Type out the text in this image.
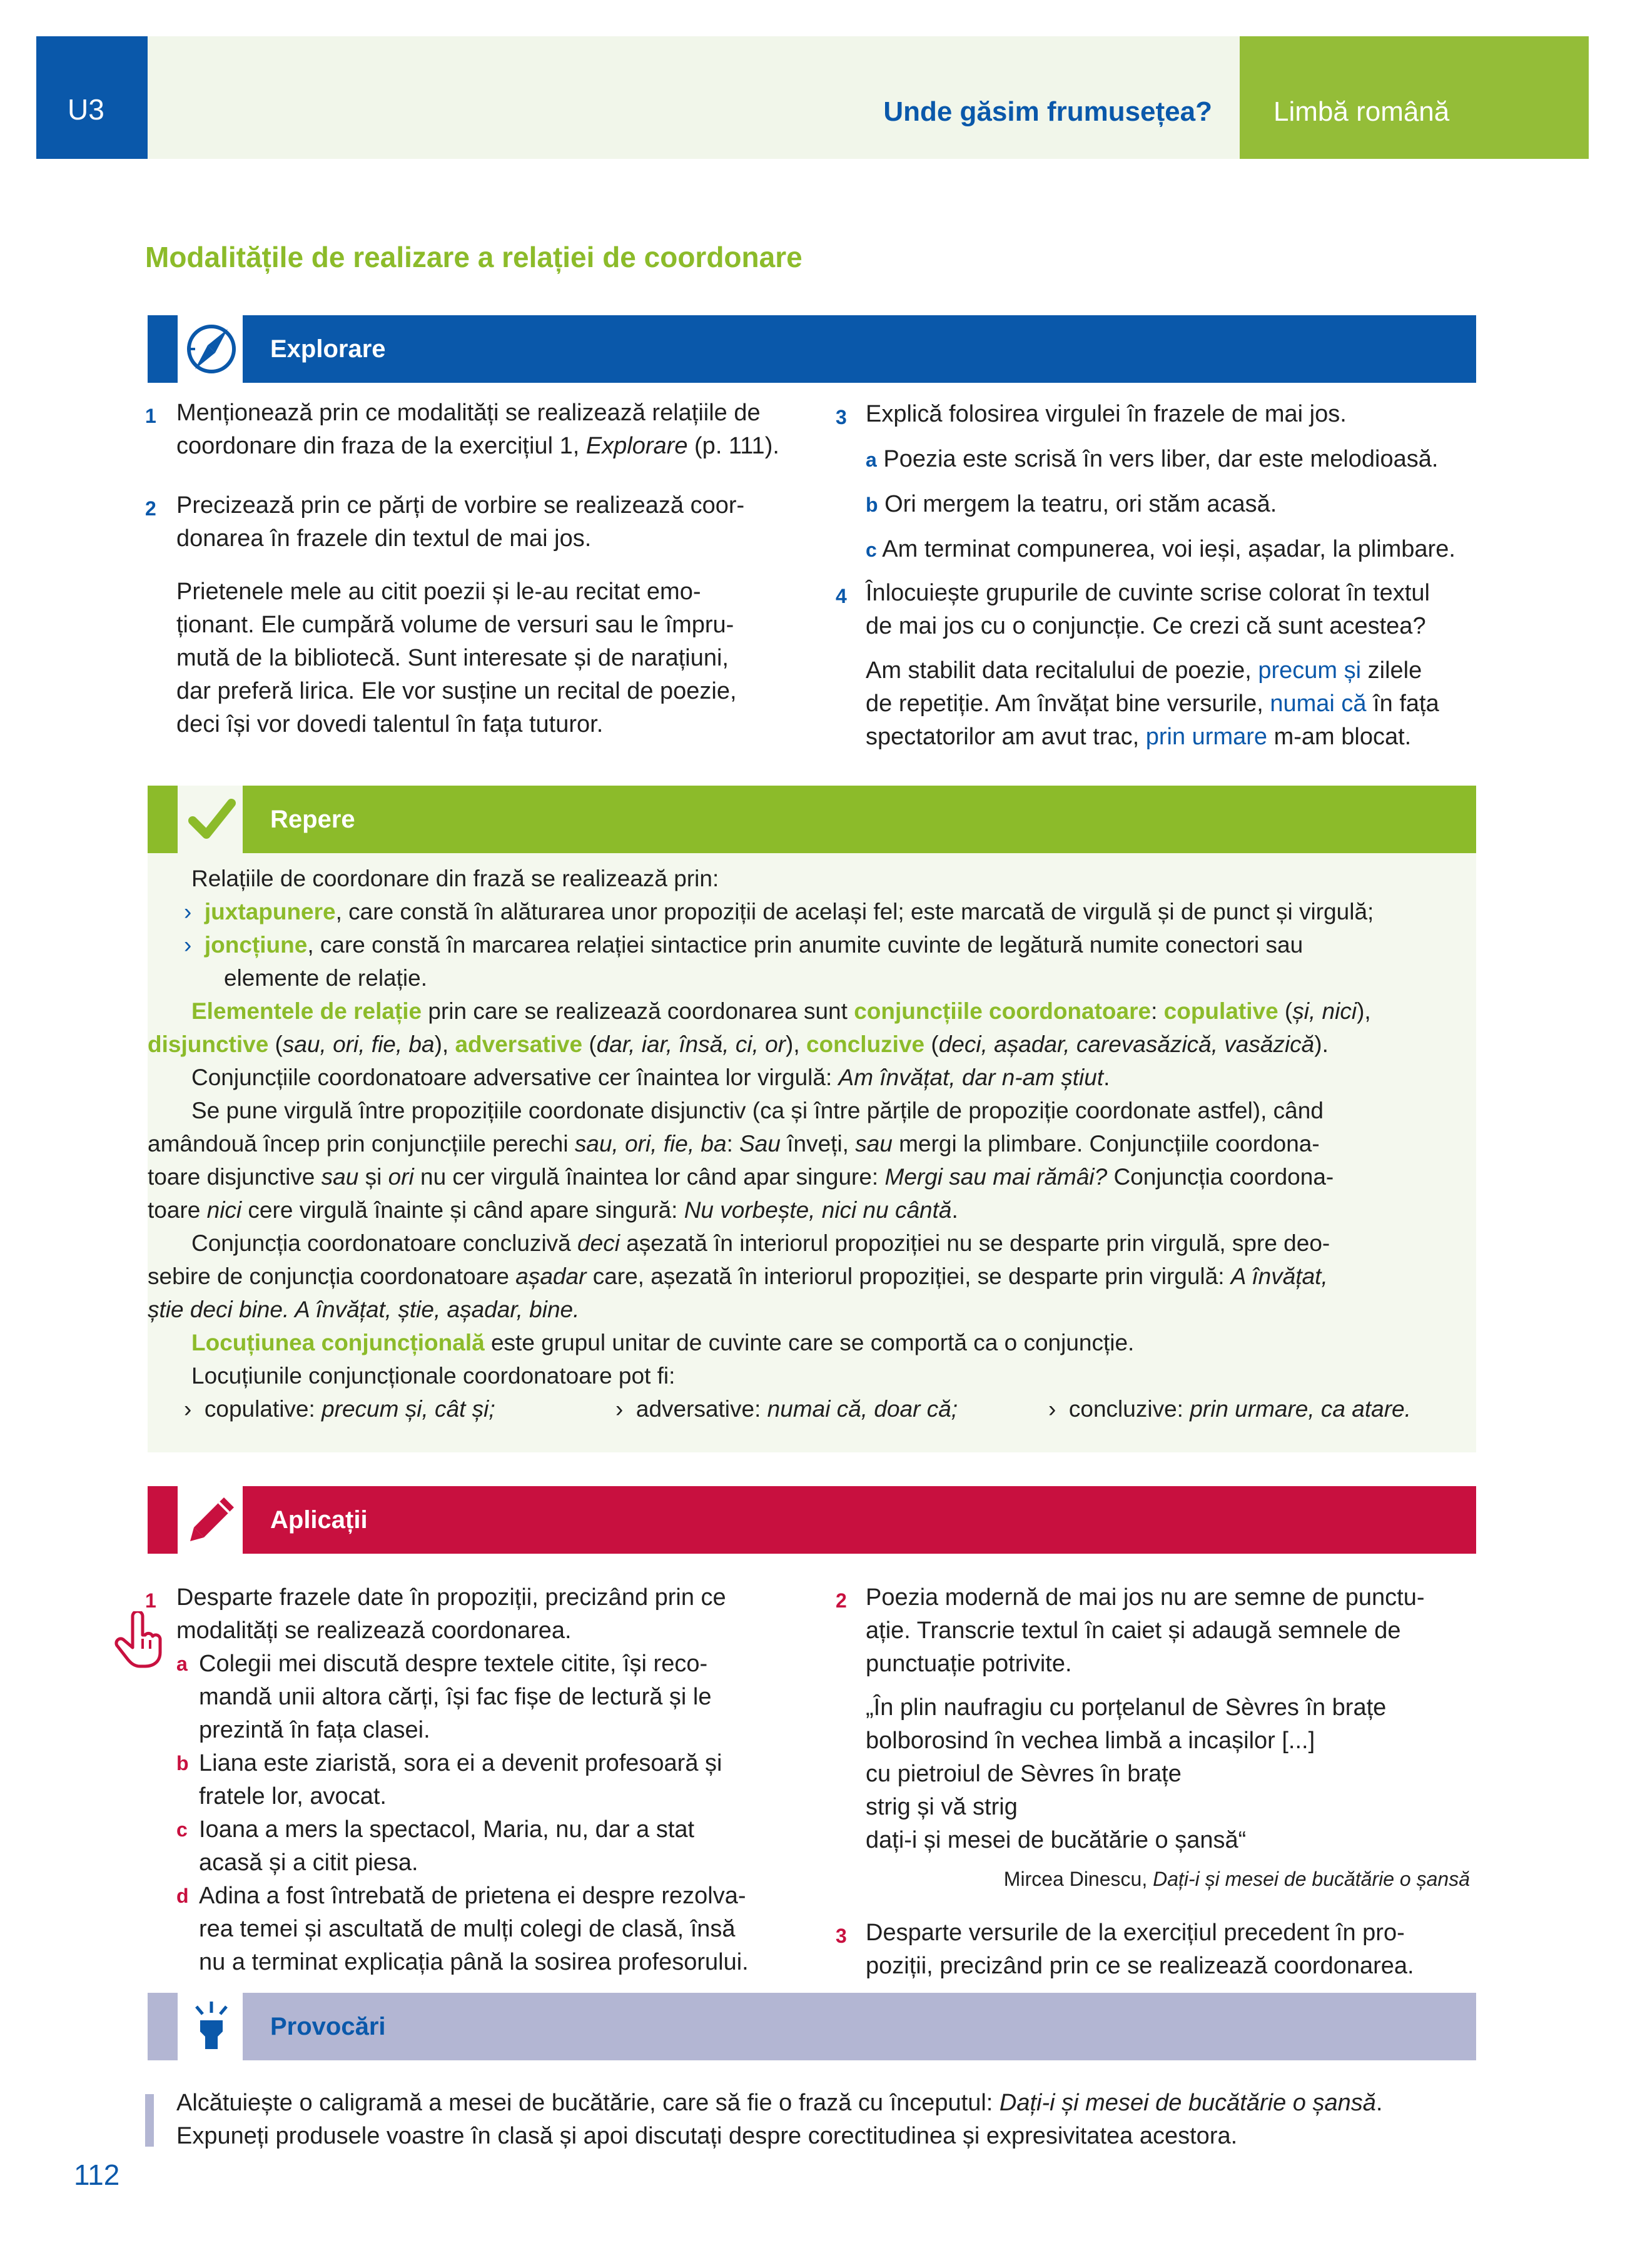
U3	Unde găsim frumusețea? Limbă română
Modalitățile de realizare a relației de coordonare
Explorare
1 Menționează prin ce modalități se realizează relațiile de
coordonare din fraza de la exercițiul 1, Explorare (p. 111).
2 Precizează prin ce părți de vorbire se realizează coor-
donarea în frazele din textul de mai jos.
Prietenele mele au citit poezii și le-au recitat emo-
ționant. Ele cumpără volume de versuri sau le împru-
mută de la bibliotecă. Sunt interesate și de narațiuni,
dar preferă lirica. Ele vor susține un recital de poezie,
deci își vor dovedi talentul în fața tuturor.
3 Explică folosirea virgulei în frazele de mai jos.
a Poezia este scrisă în vers liber, dar este melodioasă.
b Ori mergem la teatru, ori stăm acasă.
c Am terminat compunerea, voi ieși, așadar, la plimbare.
4 Înlocuiește grupurile de cuvinte scrise colorat în textul
de mai jos cu o conjuncție. Ce crezi că sunt acestea?
Am stabilit data recitalului de poezie, precum și zilele
de repetiție. Am învățat bine versurile, numai că în fața
spectatorilor am avut trac, prin urmare m-am blocat.
Repere
Relațiile de coordonare din frază se realizează prin:
›  juxtapunere, care constă în alăturarea unor propoziții de același fel; este marcată de virgulă și de punct și virgulă;
›  joncțiune, care constă în marcarea relației sintactice prin anumite cuvinte de legătură numite conectori sau
elemente de relație.
Elementele de relație prin care se realizează coordonarea sunt conjuncțiile coordonatoare: copulative (și, nici),
disjunctive (sau, ori, fie, ba), adversative (dar, iar, însă, ci, or), concluzive (deci, așadar, carevasăzică, vasăzică).
Conjuncțiile coordonatoare adversative cer înaintea lor virgulă: Am învățat, dar n-am știut.
Se pune virgulă între propozițiile coordonate disjunctiv (ca și între părțile de propoziție coordonate astfel), când
amândouă încep prin conjuncțiile perechi sau, ori, fie, ba: Sau înveți, sau mergi la plimbare. Conjuncțiile coordona-
toare disjunctive sau și ori nu cer virgulă înaintea lor când apar singure: Mergi sau mai rămâi? Conjuncția coordona-
toare nici cere virgulă înainte și când apare singură: Nu vorbește, nici nu cântă.
Conjuncția coordonatoare concluzivă deci așezată în interiorul propoziției nu se desparte prin virgulă, spre deo-
sebire de conjuncția coordonatoare așadar care, așezată în interiorul propoziției, se desparte prin virgulă: A învățat,
știe deci bine. A învățat, știe, așadar, bine.
Locuțiunea conjuncțională este grupul unitar de cuvinte care se comportă ca o conjuncție.
Locuțiunile conjuncționale coordonatoare pot fi:
›  copulative: precum și, cât și;	›  adversative: numai că, doar că;	›  concluzive: prin urmare, ca atare.
Aplicații
1 Desparte frazele date în propoziții, precizând prin ce
modalități se realizează coordonarea.
a Colegii mei discută despre textele citite, își reco-
mandă unii altora cărți, își fac fișe de lectură și le
prezintă în fața clasei.
b Liana este ziaristă, sora ei a devenit profesoară și
fratele lor, avocat.
c Ioana a mers la spectacol, Maria, nu, dar a stat
acasă și a citit piesa.
d Adina a fost întrebată de prietena ei despre rezolva-
rea temei și ascultată de mulți colegi de clasă, însă
nu a terminat explicația până la sosirea profesorului.
2 Poezia modernă de mai jos nu are semne de punctu-
ație. Transcrie textul în caiet și adaugă semnele de
punctuație potrivite.
„În plin naufragiu cu porțelanul de Sèvres în brațe
bolborosind în vechea limbă a incașilor [...]
cu pietroiul de Sèvres în brațe
strig și vă strig
dați-i și mesei de bucătărie o șansă“
Mircea Dinescu, Dați-i și mesei de bucătărie o șansă
3 Desparte versurile de la exercițiul precedent în pro-
poziții, precizând prin ce se realizează coordonarea.
Provocări
Alcătuiește o caligramă a mesei de bucătărie, care să fie o frază cu începutul: Dați-i și mesei de bucătărie o șansă.
Expuneți produsele voastre în clasă și apoi discutați despre corectitudinea și expresivitatea acestora.
112
